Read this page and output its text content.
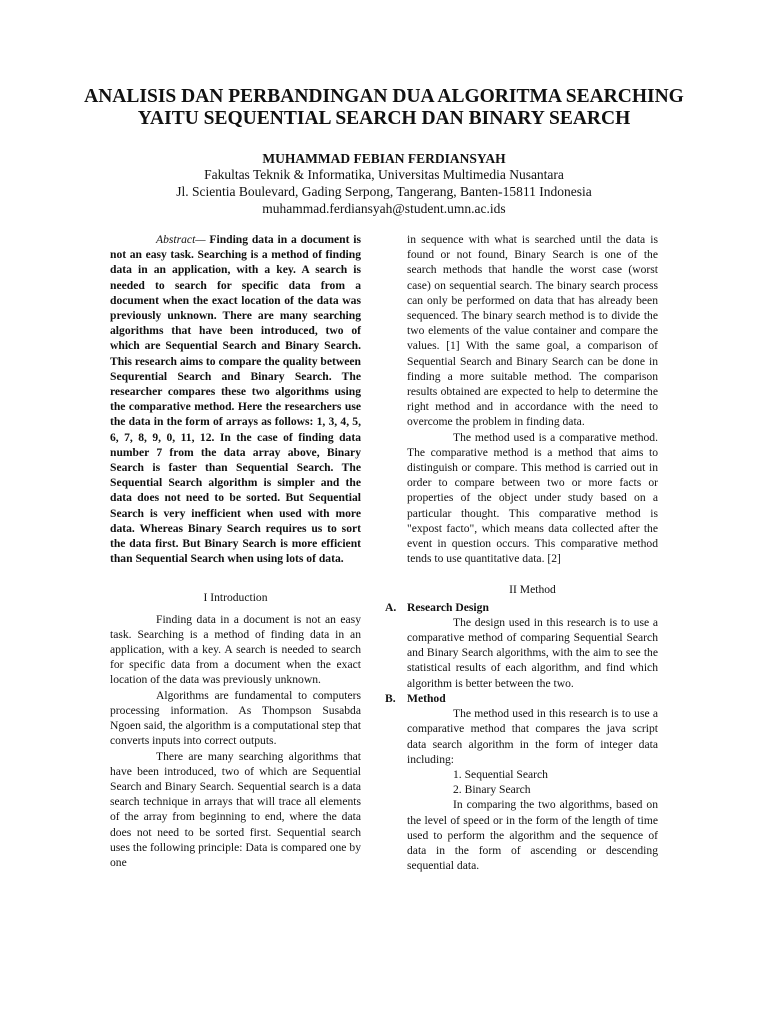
ANALISIS DAN PERBANDINGAN DUA ALGORITMA SEARCHING
YAITU SEQUENTIAL SEARCH DAN BINARY SEARCH
MUHAMMAD FEBIAN FERDIANSYAH
Fakultas Teknik & Informatika, Universitas Multimedia Nusantara
Jl. Scientia Boulevard, Gading Serpong, Tangerang, Banten-15811 Indonesia
muhammad.ferdiansyah@student.umn.ac.ids

Abstract— Finding data in a document is not an easy task. Searching is a method of finding data in an application, with a key. A search is needed to search for specific data from a document when the exact location of the data was previously unknown. There are many searching algorithms that have been introduced, two of which are Sequential Search and Binary Search. This research aims to compare the quality between Sequrential Search and Binary Search. The researcher compares these two algorithms using the comparative method. Here the researchers use the data in the form of arrays as follows: 1, 3, 4, 5, 6, 7, 8, 9, 0, 11, 12. In the case of finding data number 7 from the data array above, Binary Search is faster than Sequential Search. The Sequential Search algorithm is simpler and the data does not need to be sorted. But Sequential Search is very inefficient when used with more data. Whereas Binary Search requires us to sort the data first. But Binary Search is more efficient than Sequential Search when using lots of data.

I Introduction

Finding data in a document is not an easy task. Searching is a method of finding data in an application, with a key. A search is needed to search for specific data from a document when the exact location of the data was previously unknown.

Algorithms are fundamental to computers processing information. As Thompson Susabda Ngoen said, the algorithm is a computational step that converts inputs into correct outputs.

There are many searching algorithms that have been introduced, two of which are Sequential Search and Binary Search. Sequential search is a data search technique in arrays that will trace all elements of the array from beginning to end, where the data does not need to be sorted first. Sequential search uses the following principle: Data is compared one by one

in sequence with what is searched until the data is found or not found, Binary Search is one of the search methods that handle the worst case (worst case) on sequential search. The binary search process can only be performed on data that has already been sequenced. The binary search method is to divide the two elements of the value container and compare the values. [1] With the same goal, a comparison of Sequential Search and Binary Search can be done in finding a more suitable method. The comparison results obtained are expected to help to determine the right method and in accordance with the need to overcome the problem in finding data.

The method used is a comparative method. The comparative method is a method that aims to distinguish or compare. This method is carried out in order to compare between two or more facts or properties of the object under study based on a particular thought. This comparative method is "expost facto", which means data collected after the event in question occurs. This comparative method tends to use quantitative data. [2]

II Method
A. Research Design

The design used in this research is to use a comparative method of comparing Sequential Search and Binary Search algorithms, with the aim to see the statistical results of each algorithm, and find which algorithm is better between the two.

B. Method

The method used in this research is to use a comparative method that compares the java script data search algorithm in the form of integer data including:

1. Sequential Search
2. Binary Search

In comparing the two algorithms, based on the level of speed or in the form of the length of time used to perform the algorithm and the sequence of data in the form of ascending or descending sequential data.
